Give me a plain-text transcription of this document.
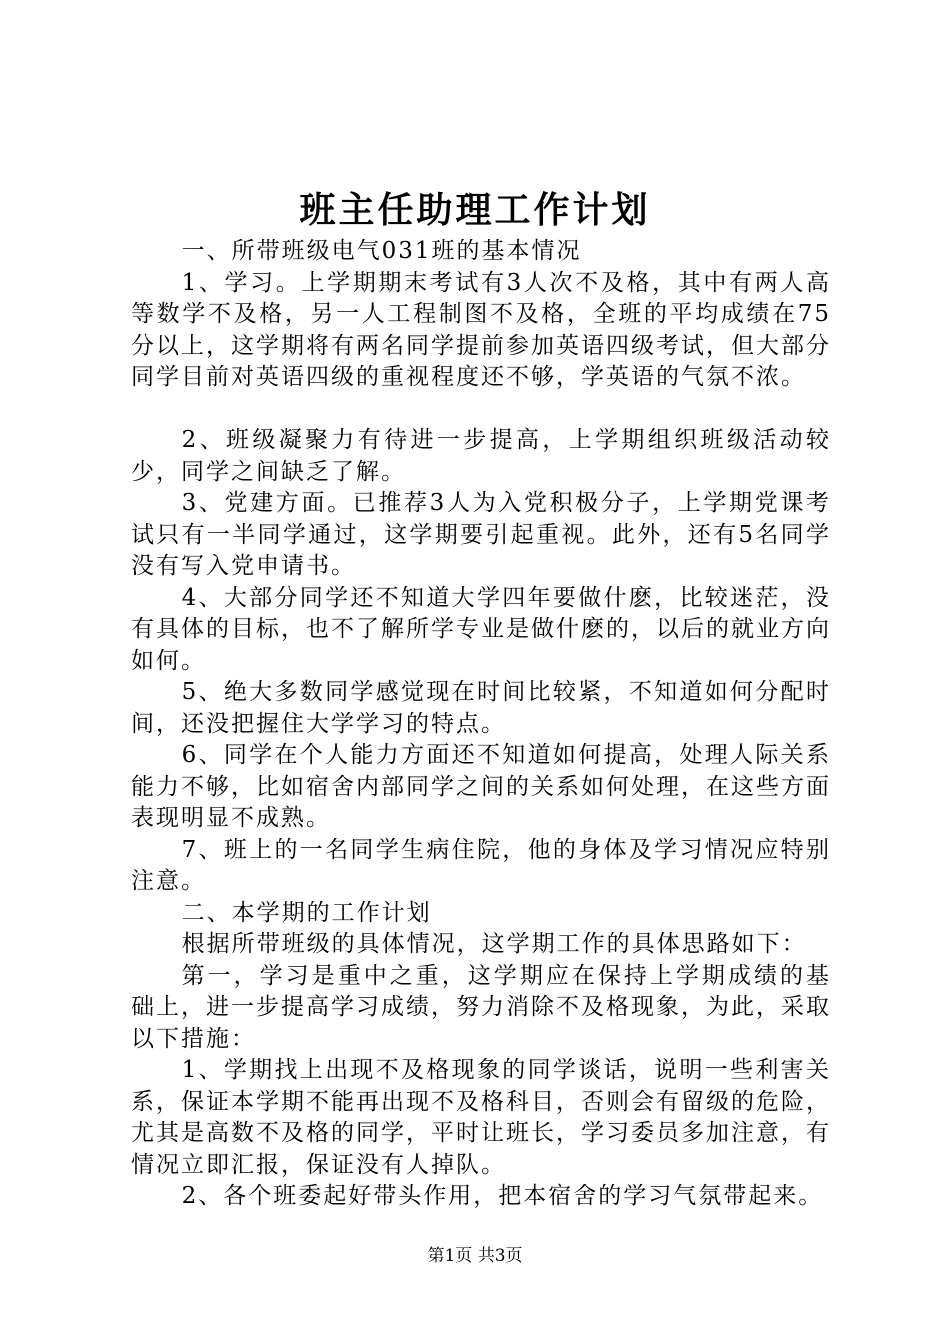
班主任助理工作计划

一、所带班级电气031班的基本情况

1、学习。上学期期末考试有3人次不及格，其中有两人高等数学不及格，另一人工程制图不及格，全班的平均成绩在75分以上，这学期将有两名同学提前参加英语四级考试，但大部分同学目前对英语四级的重视程度还不够，学英语的气氛不浓。

2、班级凝聚力有待进一步提高，上学期组织班级活动较少，同学之间缺乏了解。

3、党建方面。已推荐3人为入党积极分子，上学期党课考试只有一半同学通过，这学期要引起重视。此外，还有5名同学没有写入党申请书。

4、大部分同学还不知道大学四年要做什麽，比较迷茫，没有具体的目标，也不了解所学专业是做什麽的，以后的就业方向如何。

5、绝大多数同学感觉现在时间比较紧，不知道如何分配时间，还没把握住大学学习的特点。

6、同学在个人能力方面还不知道如何提高，处理人际关系能力不够，比如宿舍内部同学之间的关系如何处理，在这些方面表现明显不成熟。

7、班上的一名同学生病住院，他的身体及学习情况应特别注意。

二、本学期的工作计划

根据所带班级的具体情况，这学期工作的具体思路如下：

第一，学习是重中之重，这学期应在保持上学期成绩的基础上，进一步提高学习成绩，努力消除不及格现象，为此，采取以下措施：

1、学期找上出现不及格现象的同学谈话，说明一些利害关系，保证本学期不能再出现不及格科目，否则会有留级的危险，尤其是高数不及格的同学，平时让班长，学习委员多加注意，有情况立即汇报，保证没有人掉队。

2、各个班委起好带头作用，把本宿舍的学习气氛带起来。

第1页 共3页
